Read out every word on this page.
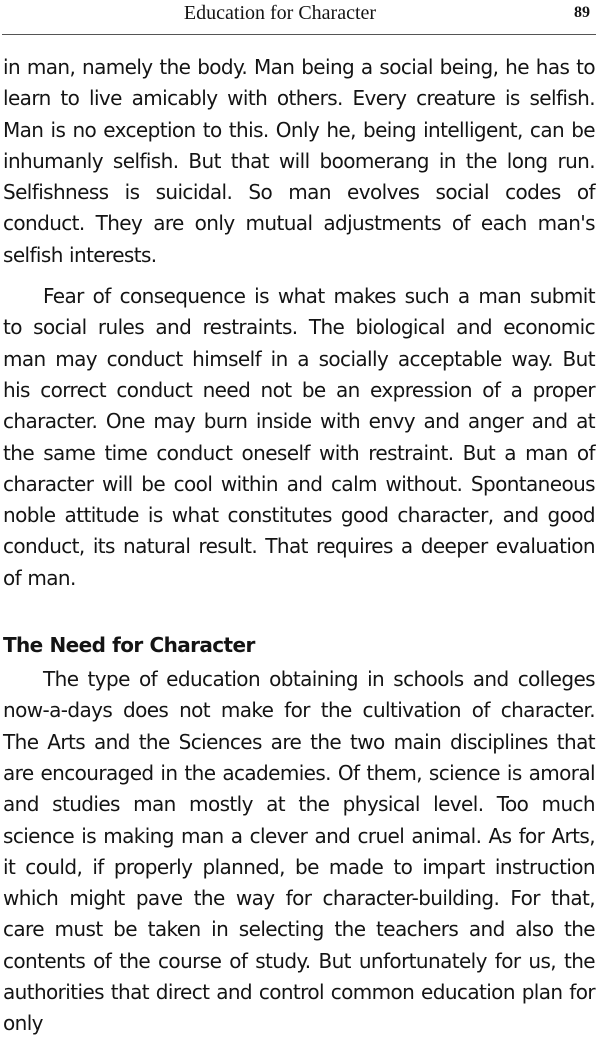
Education for Character	89

in man, namely the body. Man being a social being, he has to learn to live amicably with others. Every creature is selfish. Man is no exception to this. Only he, being intelligent, can be inhumanly selfish. But that will boomerang in the long run. Selfishness is suicidal. So man evolves social codes of conduct. They are only mutual adjustments of each man's selfish interests.

Fear of consequence is what makes such a man submit to social rules and restraints. The biological and economic man may conduct himself in a socially acceptable way. But his correct conduct need not be an expression of a proper character. One may burn inside with envy and anger and at the same time conduct oneself with restraint. But a man of character will be cool within and calm without. Spontaneous noble attitude is what constitutes good character, and good conduct, its natural result. That requires a deeper evaluation of man.

The Need for Character

The type of education obtaining in schools and colleges now-a-days does not make for the cultivation of character. The Arts and the Sciences are the two main disciplines that are encouraged in the academies. Of them, science is amoral and studies man mostly at the physical level. Too much science is making man a clever and cruel animal. As for Arts, it could, if properly planned, be made to impart instruction which might pave the way for character-building. For that, care must be taken in selecting the teachers and also the contents of the course of study. But unfortunately for us, the authorities that direct and control common education plan for only
